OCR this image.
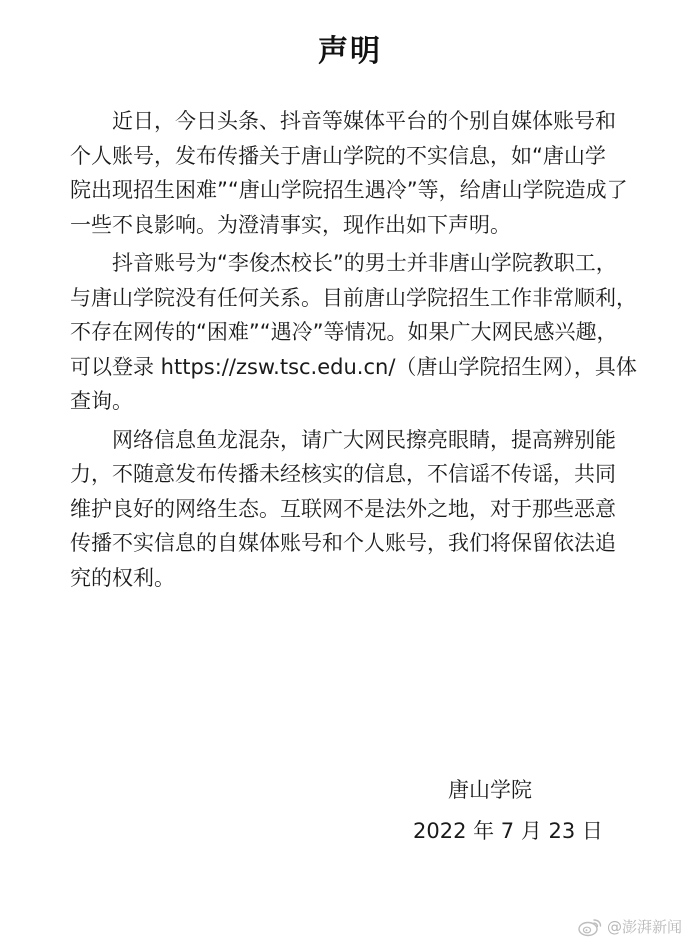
声明

近日，今日头条、抖音等媒体平台的个别自媒体账号和
个人账号，发布传播关于唐山学院的不实信息，如“唐山学
院出现招生困难”“唐山学院招生遇冷”等，给唐山学院造成了
一些不良影响。为澄清事实，现作出如下声明。

抖音账号为“李俊杰校长”的男士并非唐山学院教职工，
与唐山学院没有任何关系。目前唐山学院招生工作非常顺利，
不存在网传的“困难”“遇冷”等情况。如果广大网民感兴趣，
可以登录 https://zsw.tsc.edu.cn/（唐山学院招生网），具体
查询。

网络信息鱼龙混杂，请广大网民擦亮眼睛，提高辨别能
力，不随意发布传播未经核实的信息，不信谣不传谣，共同
维护良好的网络生态。互联网不是法外之地，对于那些恶意
传播不实信息的自媒体账号和个人账号，我们将保留依法追
究的权利。

唐山学院
2022 年 7 月 23 日
@澎湃新闻
